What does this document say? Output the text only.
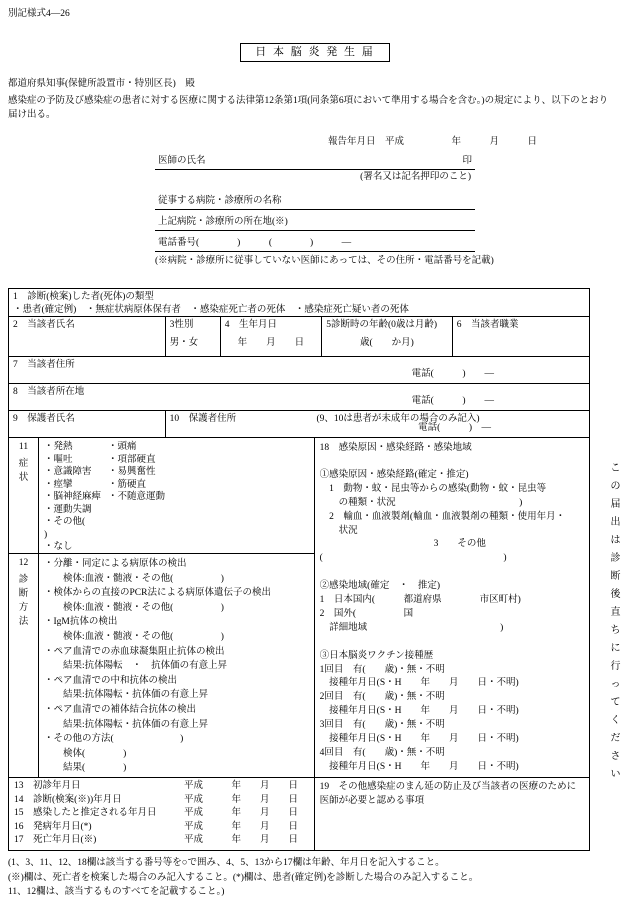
別記様式4—26
日 本 脳 炎 発 生 届
都道府県知事(保健所設置市・特別区長)　殿
感染症の予防及び感染症の患者に対する医療に関する法律第12条第1項(同条第6項において準用する場合を含む。)の規定により、以下のとおり届け出る。
報告年月日　平成　　　　　年　　　月　　　日
医師の氏名	印
(署名又は記名押印のこと)
従事する病院・診療所の名称
上記病院・診療所の所在地(※)
電話番号(　　　　)　　　(　　　　)　　　—
(※病院・診療所に従事していない医師にあっては、その住所・電話番号を記載)
1　診断(検案)した者(死体)の類型
・患者(確定例)　・無症状病原体保有者　・感染症死亡者の死体　・感染症死亡疑い者の死体
2　当該者氏名	3性別
男・女
4　生年月日
年　　月　　日
5診断時の年齢(0歳は月齢)
歳(　　か月)
6　当該者職業
7　当該者住所
電話(　　　)　　—
8　当該者所在地
電話(　　　)　　—
9　保護者氏名	10　保護者住所	(9、10は患者が未成年の場合のみ記入)
電話(　　　)　—
11
症状
・発熱
・嘔吐
・意識障害
・痙攣
・脳神経麻痺
・運動失調
・その他(
)
・なし
・頭痛
・項部硬直
・易興奮性
・筋硬直
・不随意運動
12
診断方法
・分離・同定による病原体の検出
　　検体:血液・髄液・その他(　　　　　)
・検体からの直接のPCR法による病原体遺伝子の検出
　　検体:血液・髄液・その他(　　　　　)
・IgM抗体の検出
　　検体:血液・髄液・その他(　　　　　)
・ペア血清での赤血球凝集阻止抗体の検出
　　結果:抗体陽転　・　抗体価の有意上昇
・ペア血清での中和抗体の検出
　　結果:抗体陽転・抗体価の有意上昇
・ペア血清での補体結合抗体の検出
　　結果:抗体陽転・抗体価の有意上昇
・その他の方法(　　　　　　　)
　　検体(　　　　)
　　結果(　　　　)
18　感染原因・感染経路・感染地域
①感染原因・感染経路(確定・推定)
　1　動物・蚊・昆虫等からの感染(動物・蚊・昆虫等
　　の種類・状況　　　　　　　　　　　　　)
　2　輸血・血液製剤(輸血・血液製剤の種類・使用年月・
　　状況
　　　　　　　　　　　　3　　その他
(　　　　　　　　　　　　　　　　　　　)
②感染地域(確定　・　推定)
1　日本国内(　　　都道府県　　　　市区町村)
2　国外(　　　　　国　　　　　　　　　　
　詳細地域　　　　　　　　　　　　　　)
③日本脳炎ワクチン接種歴
1回目　有(　　歳)・無・不明
　接種年月日(S・H　　年　　月　　日・不明)
2回目　有(　　歳)・無・不明
　接種年月日(S・H　　年　　月　　日・不明)
3回目　有(　　歳)・無・不明
　接種年月日(S・H　　年　　月　　日・不明)
4回目　有(　　歳)・無・不明
　接種年月日(S・H　　年　　月　　日・不明)
13　初診年月日	平成　　　年　　月　　日
14　診断(検案(※))年月日	平成　　　年　　月　　日
15　感染したと推定される年月日	平成　　　年　　月　　日
16　発病年月日(*)	平成　　　年　　月　　日
17　死亡年月日(※)	平成　　　年　　月　　日
19　その他感染症のまん延の防止及び当該者の医療のために医師が必要と認める事項
この届出は診断後直ちに行ってください
(1、3、11、12、18欄は該当する番号等を○で囲み、4、5、13から17欄は年齢、年月日を記入すること。
(※)欄は、死亡者を検案した場合のみ記入すること。(*)欄は、患者(確定例)を診断した場合のみ記入すること。
11、12欄は、該当するものすべてを記載すること。)
